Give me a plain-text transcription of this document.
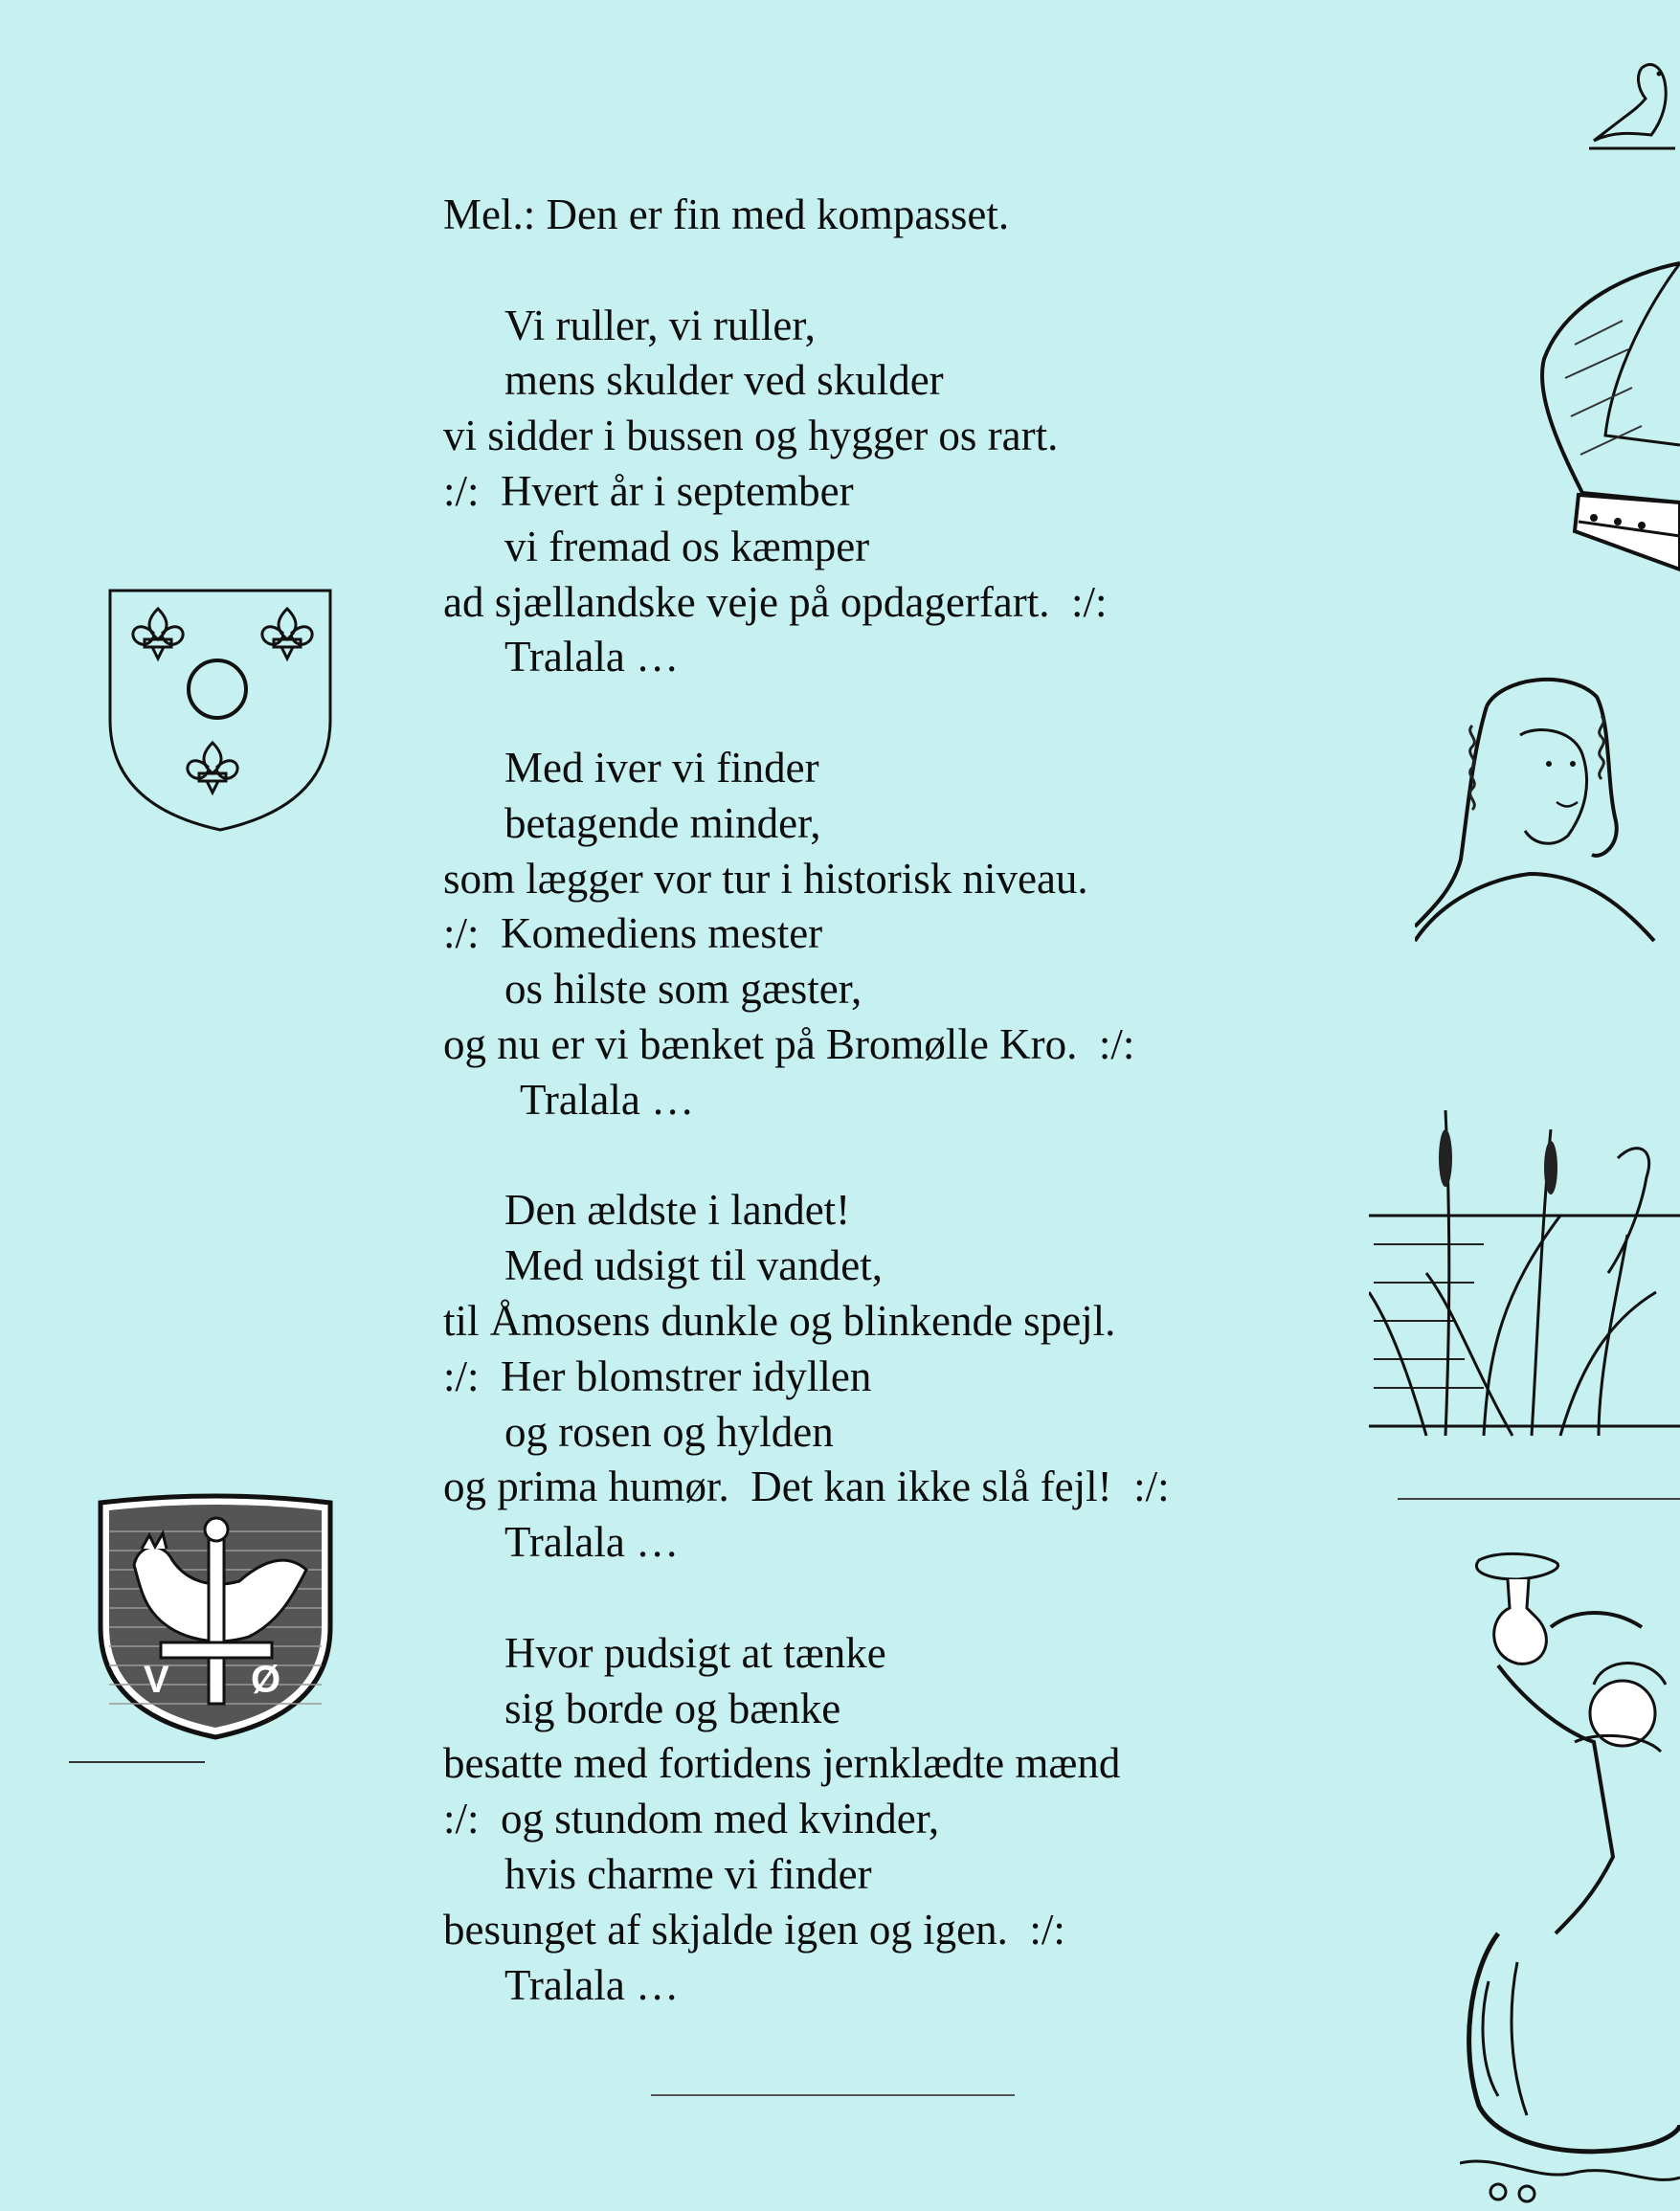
V Ø
Mel.: Den er fin med kompasset.
Vi ruller, vi ruller,
mens skulder ved skulder
vi sidder i bussen og hygger os rart.
:/:  Hvert år i september
vi fremad os kæmper
ad sjællandske veje på opdagerfart.  :/:
Tralala …
Med iver vi finder
betagende minder,
som lægger vor tur i historisk niveau.
:/:  Komediens mester
os hilste som gæster,
og nu er vi bænket på Bromølle Kro.  :/:
Tralala …
Den ældste i landet!
Med udsigt til vandet,
til Åmosens dunkle og blinkende spejl.
:/:  Her blomstrer idyllen
og rosen og hylden
og prima humør.  Det kan ikke slå fejl!  :/:
Tralala …
Hvor pudsigt at tænke
sig borde og bænke
besatte med fortidens jernklædte mænd
:/:  og stundom med kvinder,
hvis charme vi finder
besunget af skjalde igen og igen.  :/:
Tralala …
